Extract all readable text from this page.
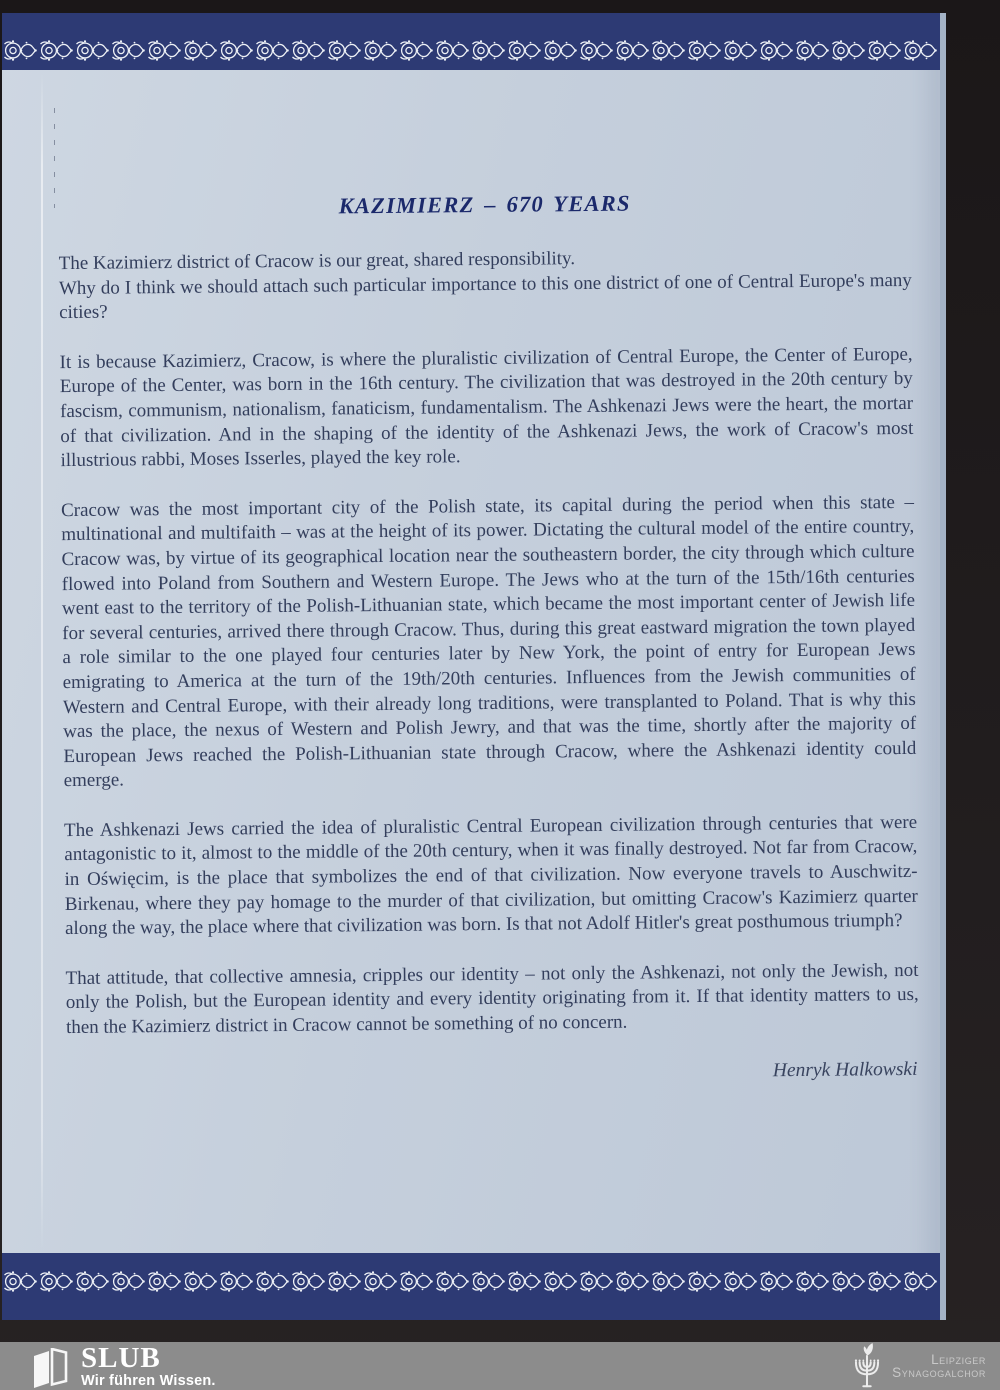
KAZIMIERZ – 670 YEARS
The Kazimierz district of Cracow is our great, shared responsibility.
Why do I think we should attach such particular importance to this one district of one of Central Europe's many cities?
It is because Kazimierz, Cracow, is where the pluralistic civilization of Central Europe, the Center of Europe, Europe of the Center, was born in the 16th century. The civilization that was destroyed in the 20th century by fascism, communism, nationalism, fanaticism, fundamentalism. The Ashkenazi Jews were the heart, the mortar of that civilization. And in the shaping of the identity of the Ashkenazi Jews, the work of Cracow's most illustrious rabbi, Moses Isserles, played the key role.
Cracow was the most important city of the Polish state, its capital during the period when this state – multinational and multifaith – was at the height of its power. Dictating the cultural model of the entire country, Cracow was, by virtue of its geographical location near the southeastern border, the city through which culture flowed into Poland from Southern and Western Europe. The Jews who at the turn of the 15th/16th centuries went east to the territory of the Polish-Lithuanian state, which became the most important center of Jewish life for several centuries, arrived there through Cracow. Thus, during this great eastward migration the town played a role similar to the one played four centuries later by New York, the point of entry for European Jews emigrating to America at the turn of the 19th/20th centuries. Influences from the Jewish communities of Western and Central Europe, with their already long traditions, were transplanted to Poland. That is why this was the place, the nexus of Western and Polish Jewry, and that was the time, shortly after the majority of European Jews reached the Polish-Lithuanian state through Cracow, where the Ashkenazi identity could emerge.
The Ashkenazi Jews carried the idea of pluralistic Central European civilization through centuries that were antagonistic to it, almost to the middle of the 20th century, when it was finally destroyed. Not far from Cracow, in Oświęcim, is the place that symbolizes the end of that civilization. Now everyone travels to Auschwitz-Birkenau, where they pay homage to the murder of that civilization, but omitting Cracow's Kazimierz quarter along the way, the place where that civilization was born. Is that not Adolf Hitler's great posthumous triumph?
That attitude, that collective amnesia, cripples our identity – not only the Ashkenazi, not only the Jewish, not only the Polish, but the European identity and every identity originating from it. If that identity matters to us, then the Kazimierz district in Cracow cannot be something of no concern.
Henryk Halkowski
SLUB
Wir führen Wissen.
Leipziger
Synagogalchor
